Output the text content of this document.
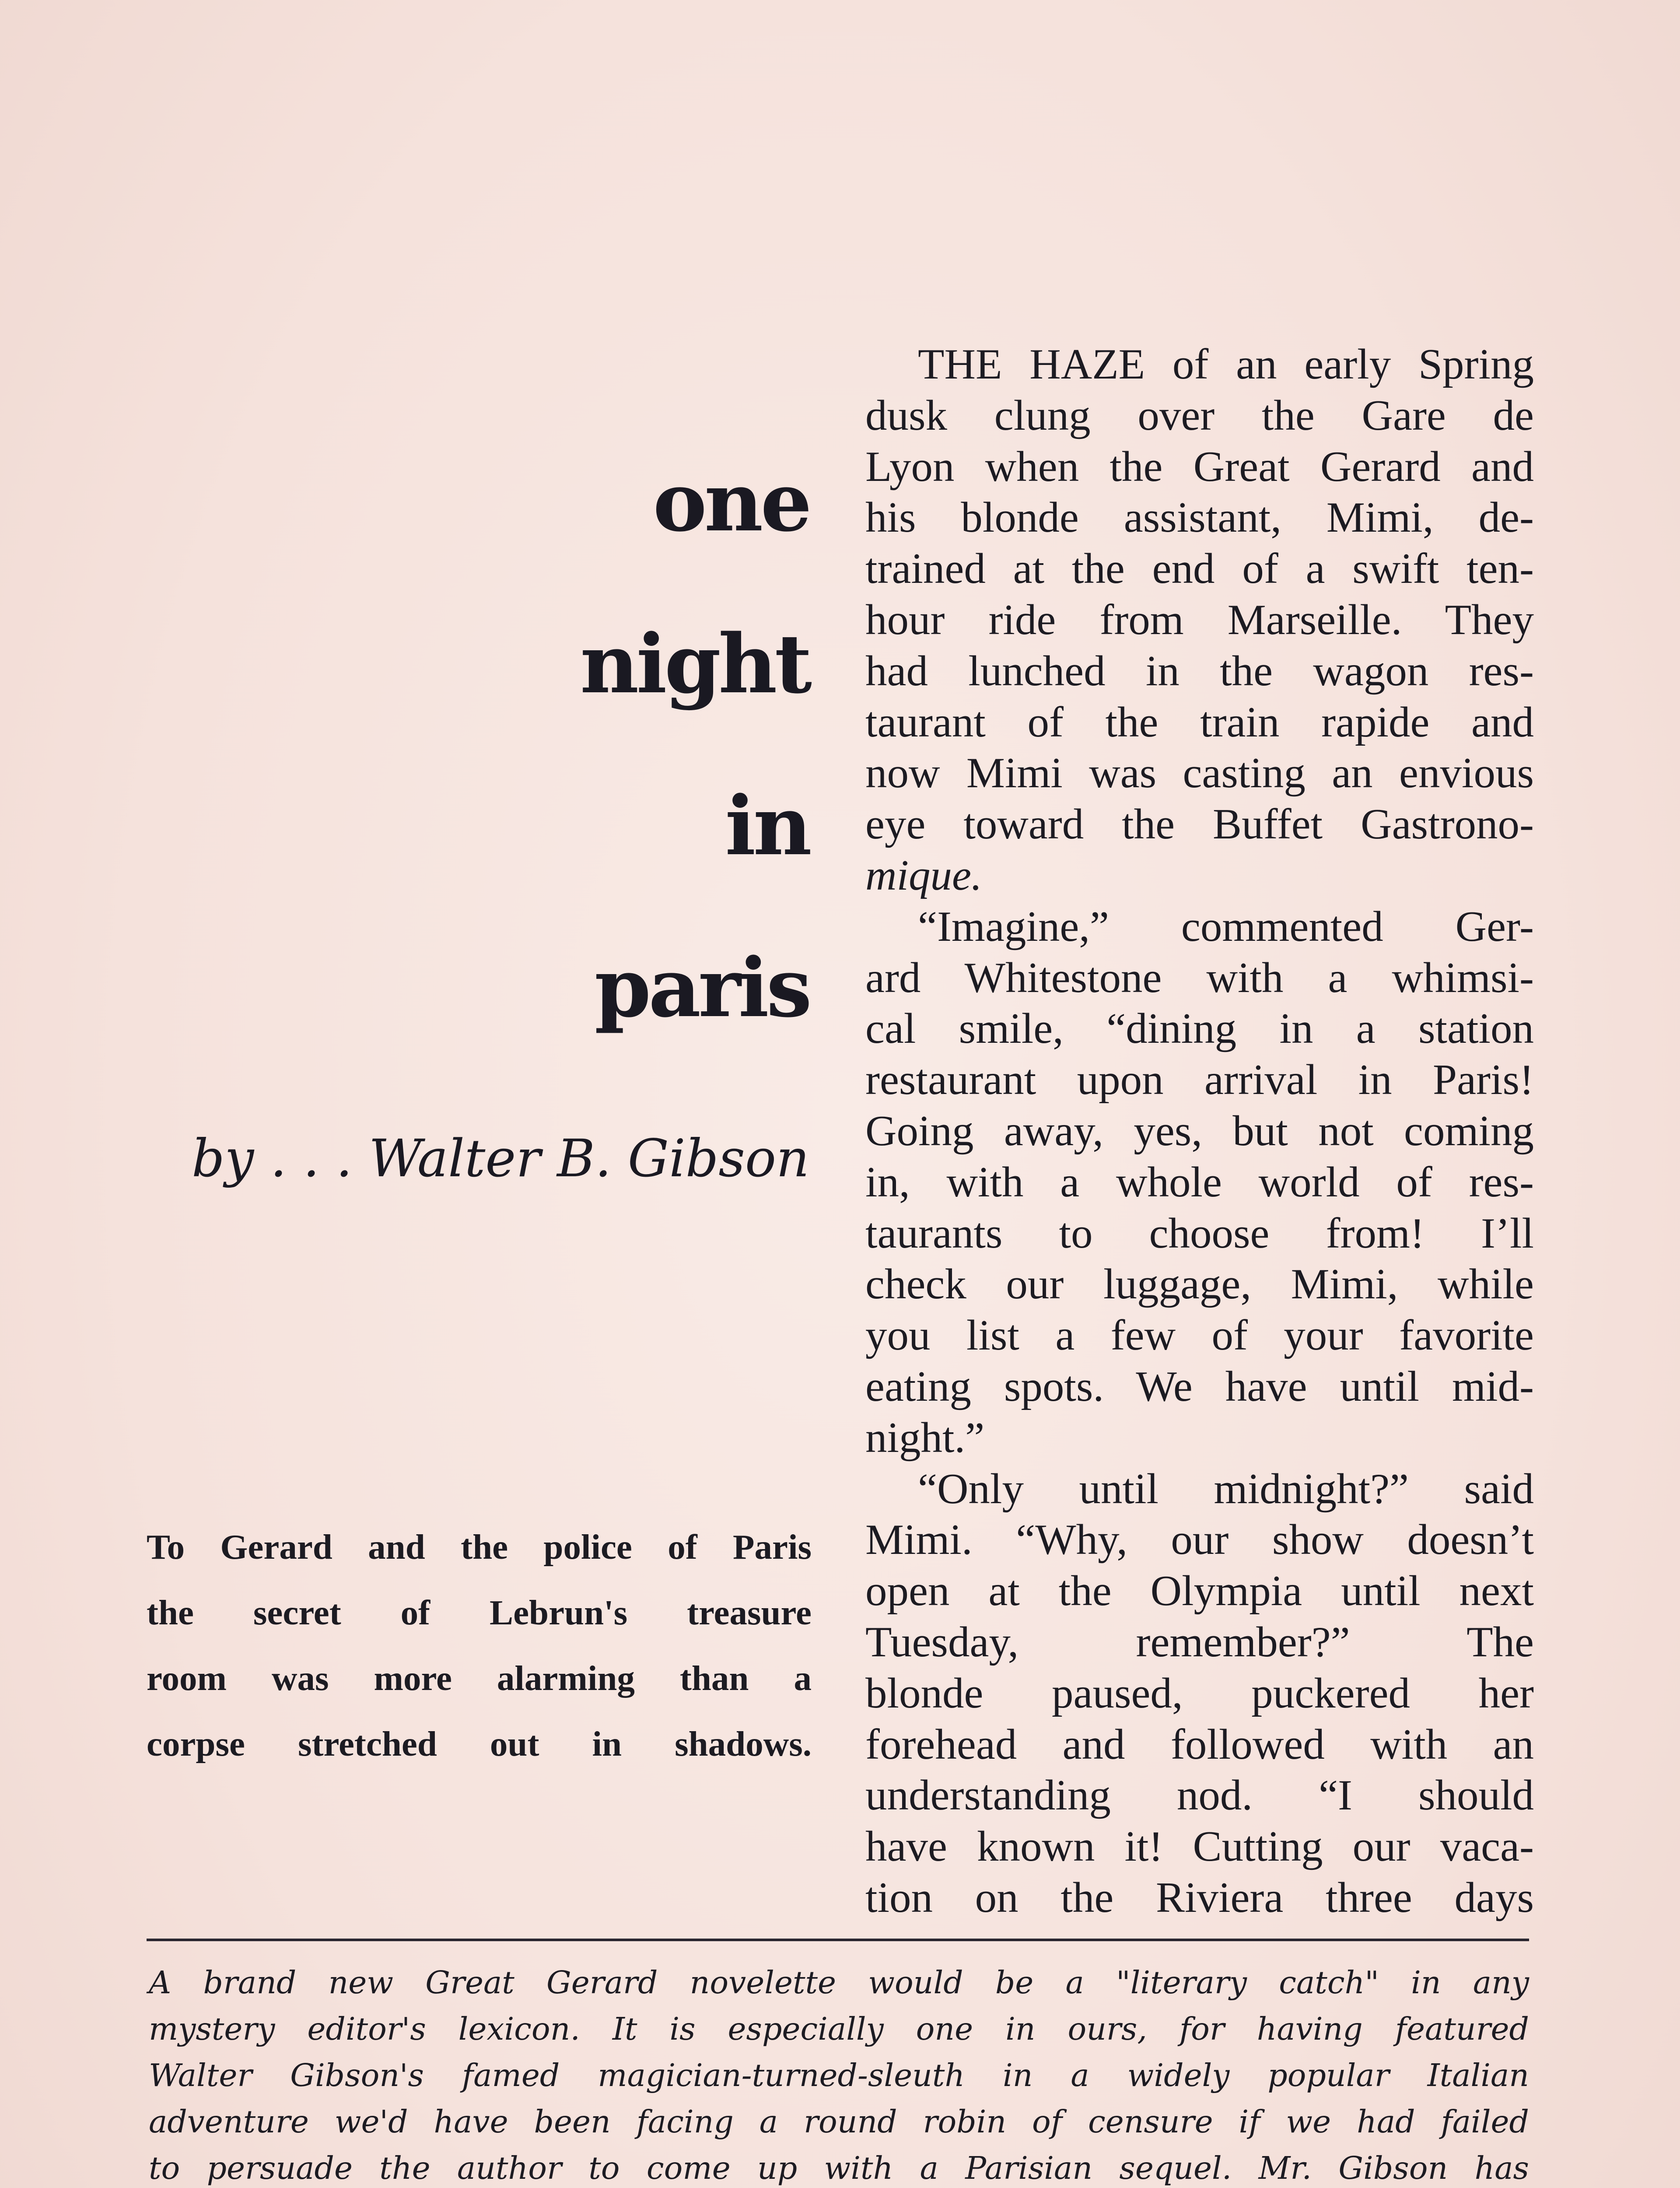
one
night
in
paris
by . . . Walter B. Gibson
To Gerard and the police of Paris
the secret of Lebrun's treasure
room was more alarming than a
corpse stretched out in shadows.
THE HAZE of an early Spring
dusk clung over the Gare de
Lyon when the Great Gerard and
his blonde assistant, Mimi, de-
trained at the end of a swift ten-
hour ride from Marseille. They
had lunched in the wagon res-
taurant of the train rapide and
now Mimi was casting an envious
eye toward the Buffet Gastrono-
mique.
“Imagine,” commented Ger-
ard Whitestone with a whimsi-
cal smile, “dining in a station
restaurant upon arrival in Paris!
Going away, yes, but not coming
in, with a whole world of res-
taurants to choose from! I’ll
check our luggage, Mimi, while
you list a few of your favorite
eating spots. We have until mid-
night.”
“Only until midnight?” said
Mimi. “Why, our show doesn’t
open at the Olympia until next
Tuesday, remember?” The
blonde paused, puckered her
forehead and followed with an
understanding nod. “I should
have known it! Cutting our vaca-
tion on the Riviera three days
A brand new Great Gerard novelette would be a "literary catch" in any
mystery editor's lexicon. It is especially one in ours, for having featured
Walter Gibson's famed magician-turned-sleuth in a widely popular Italian
adventure we'd have been facing a round robin of censure if we had failed
to persuade the author to come up with a Parisian sequel. Mr. Gibson has
